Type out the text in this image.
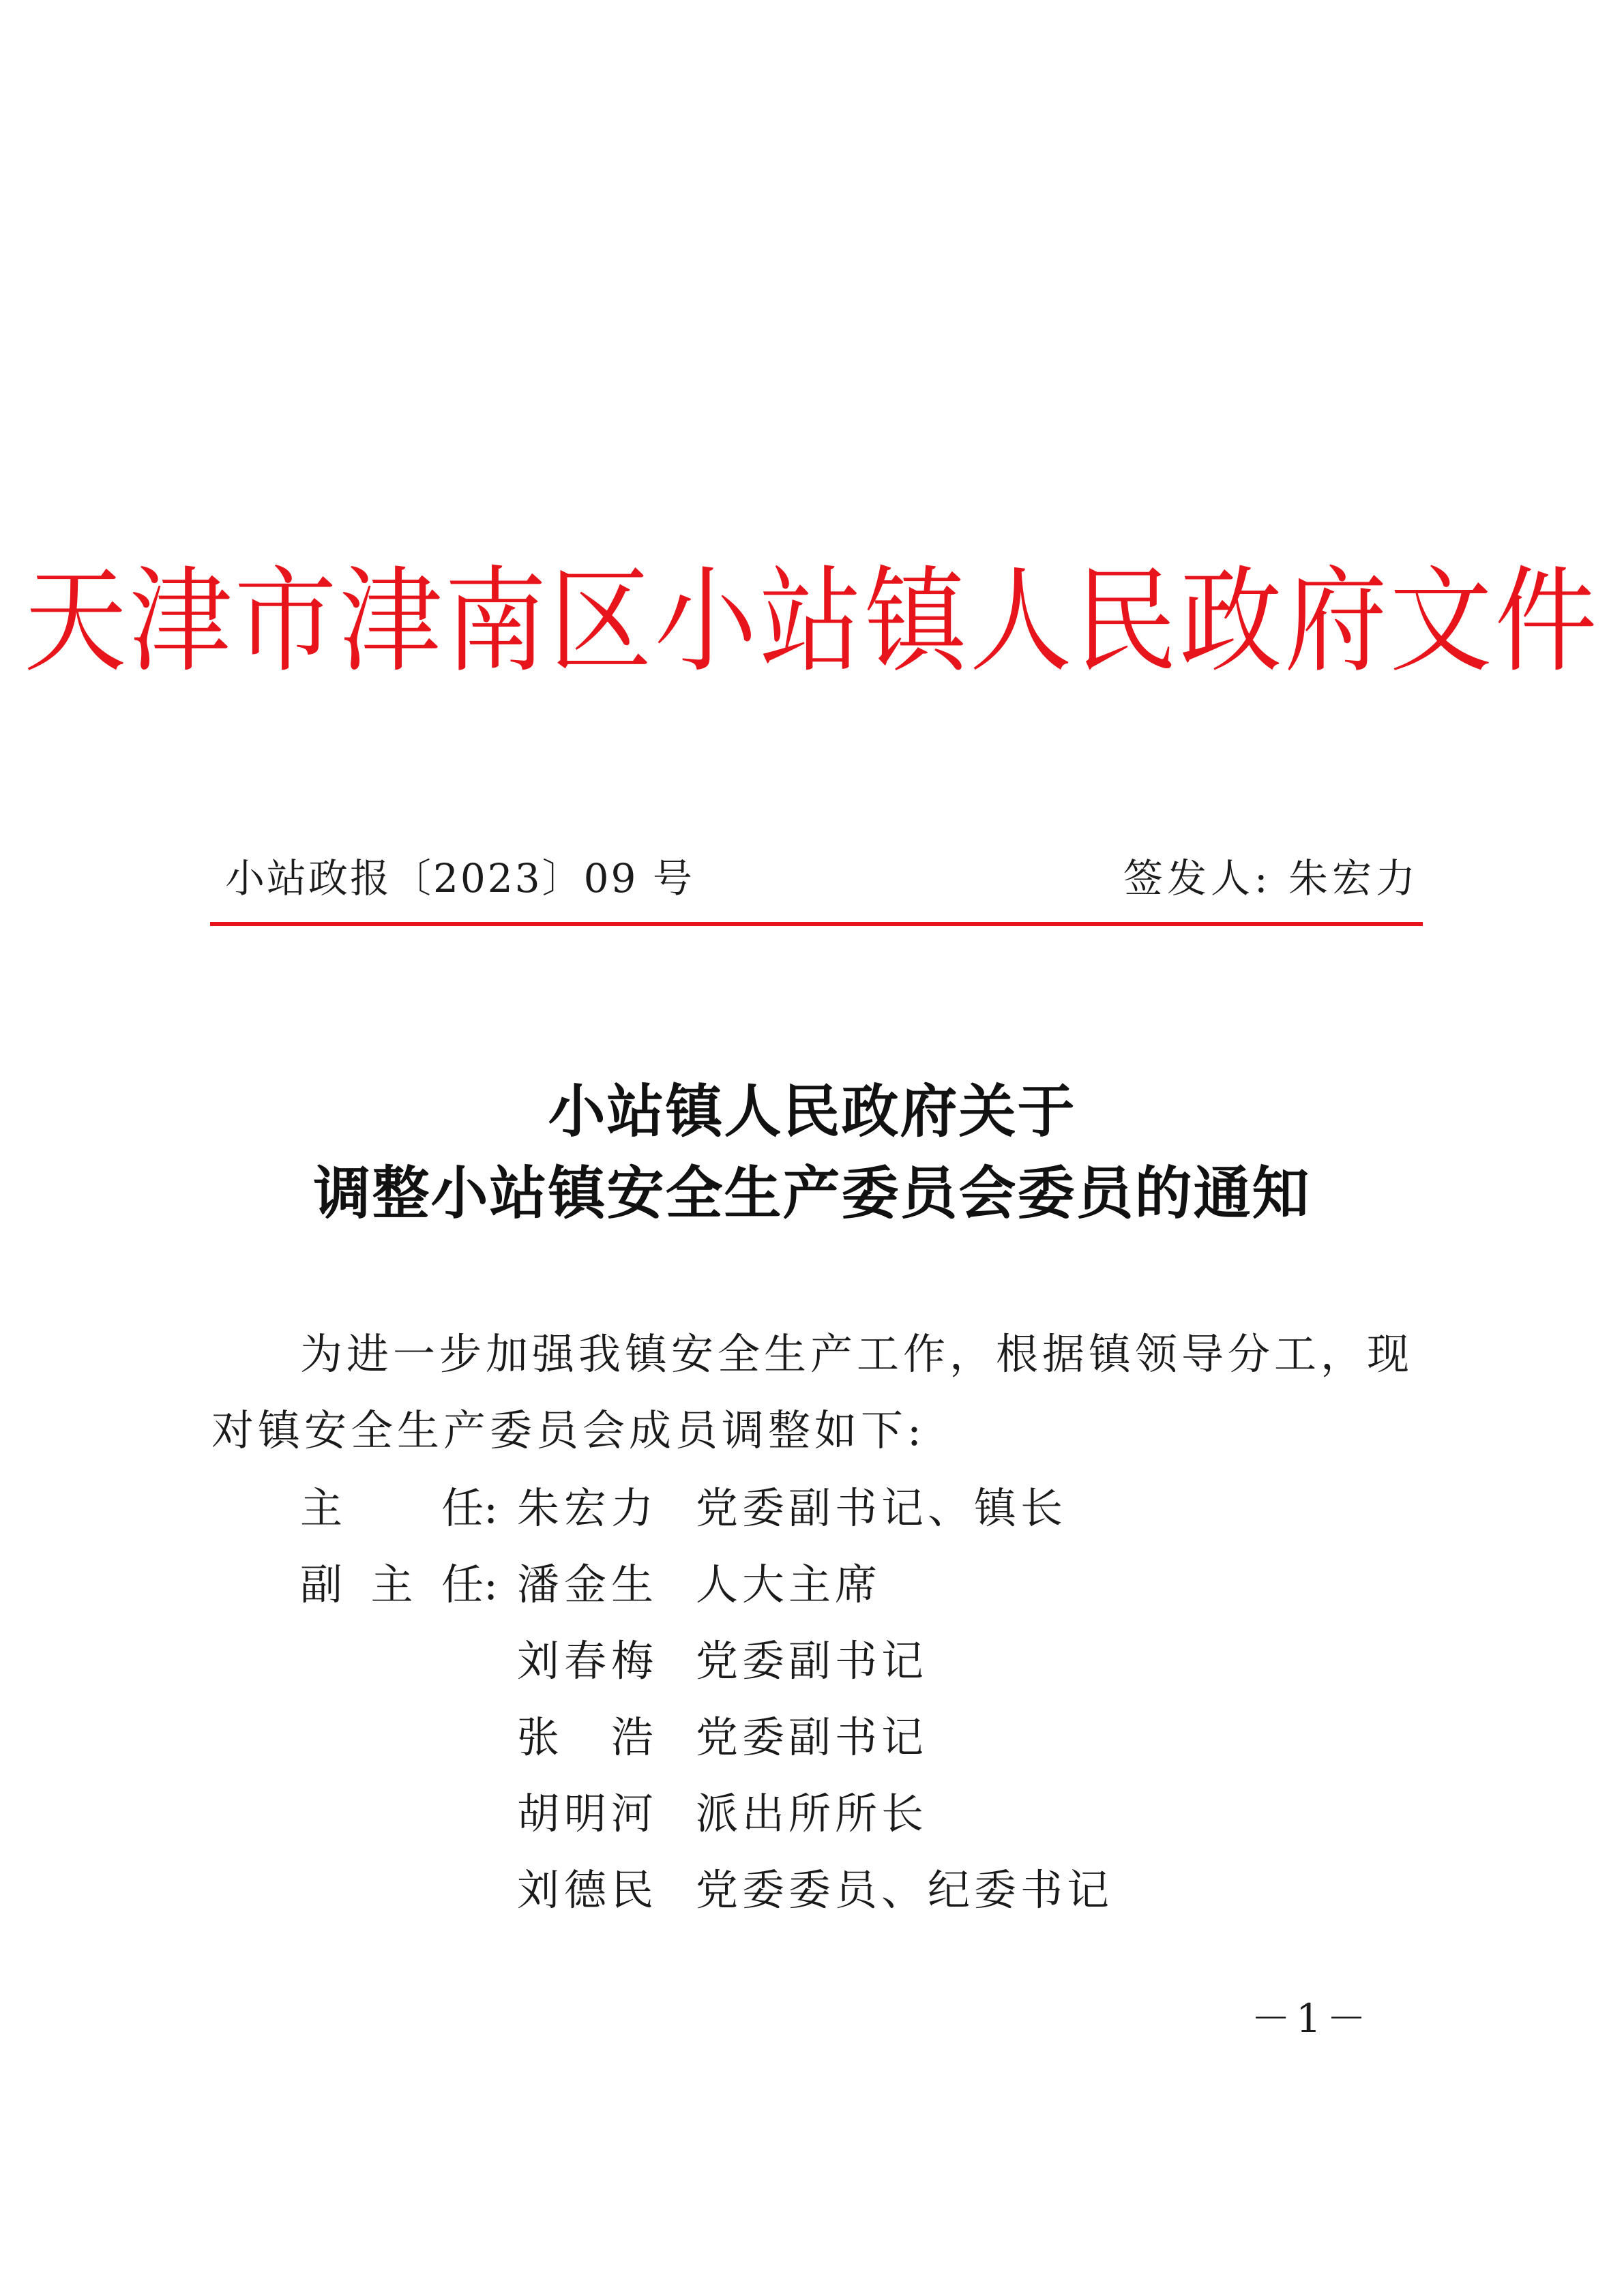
天津市津南区小站镇人民政府文件
小站政报〔2023〕09 号	签发人: 朱宏力
小站镇人民政府关于
调整小站镇安全生产委员会委员的通知
为进一步加强我镇安全生产工作，根据镇领导分工，现对镇安全生产委员会成员调整如下:
主 任: 朱 宏 力 党委副书记、镇长
副 主 任: 潘 金 生 人大主席
刘 春 梅 党委副书记
张 浩 党委副书记
胡 明 河 派出所所长
刘 德 民 党委委员、纪委书记
－1－
